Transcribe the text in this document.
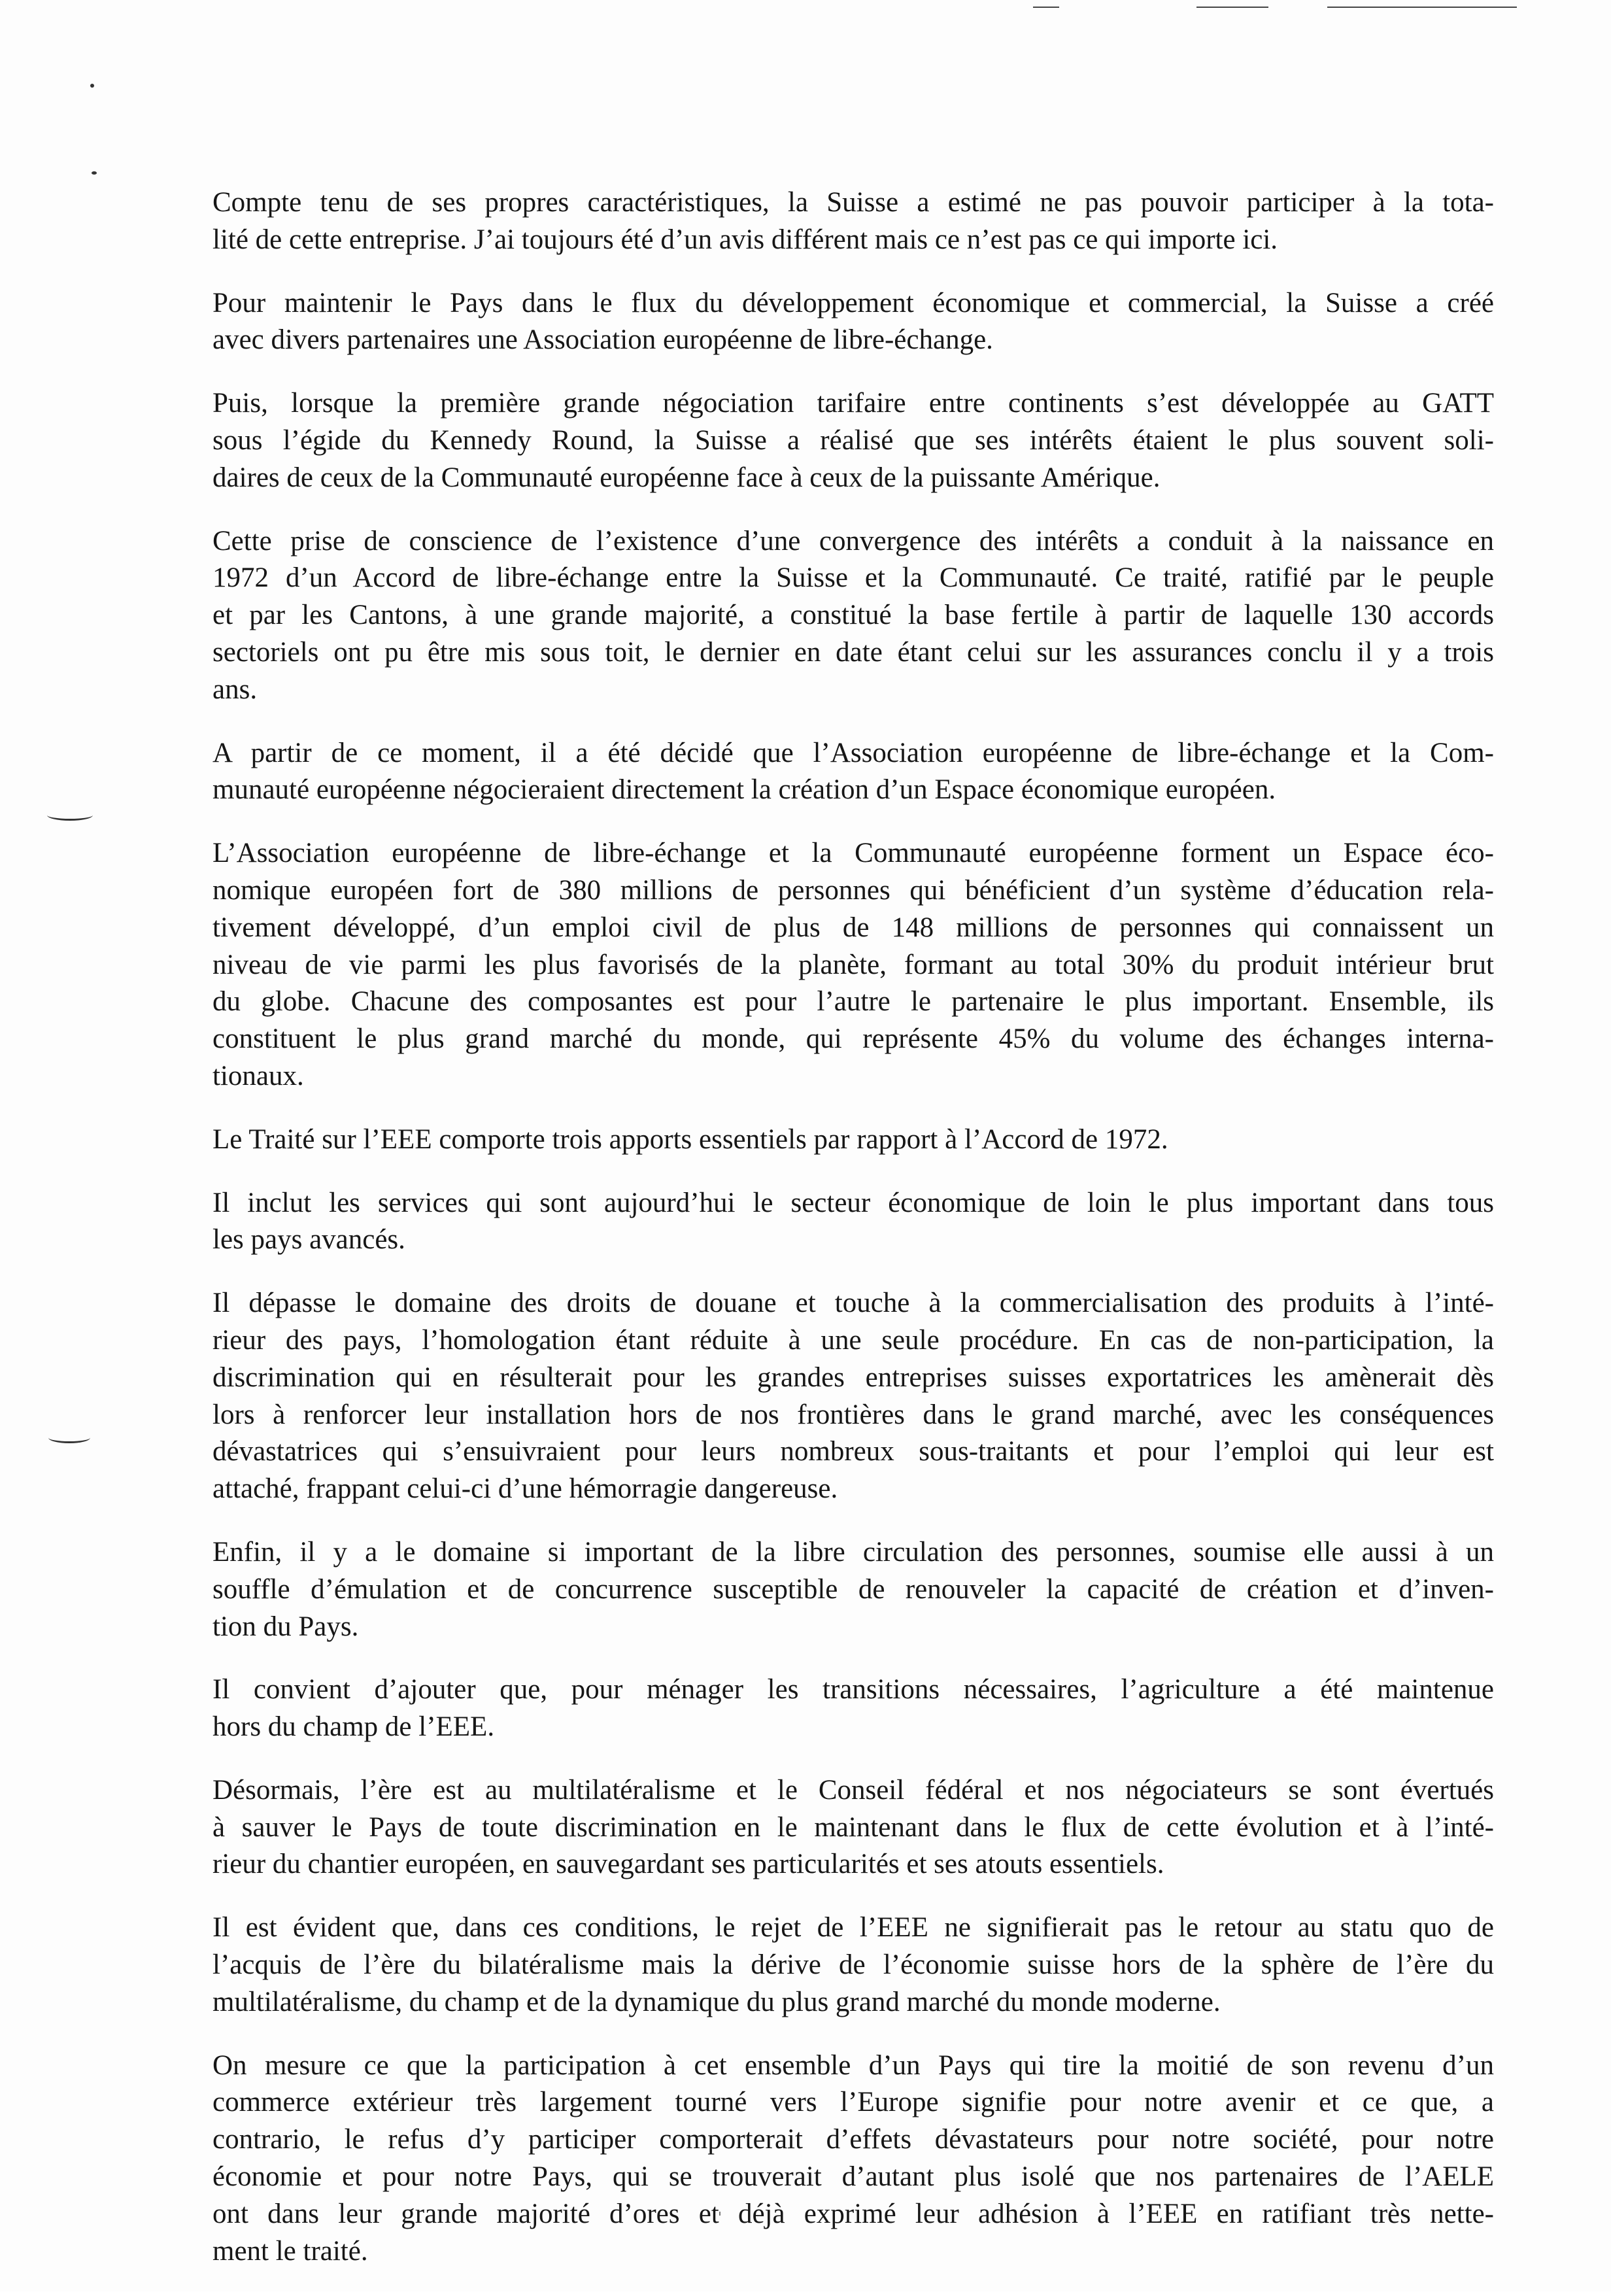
Compte tenu de ses propres caractéristiques, la Suisse a estimé ne pas pouvoir participer à la tota-
lité de cette entreprise. J’ai toujours été d’un avis différent mais ce n’est pas ce qui importe ici.

Pour maintenir le Pays dans le flux du développement économique et commercial, la Suisse a créé
avec divers partenaires une Association européenne de libre-échange.

Puis, lorsque la première grande négociation tarifaire entre continents s’est développée au GATT
sous l’égide du Kennedy Round, la Suisse a réalisé que ses intérêts étaient le plus souvent soli-
daires de ceux de la Communauté européenne face à ceux de la puissante Amérique.

Cette prise de conscience de l’existence d’une convergence des intérêts a conduit à la naissance en
1972 d’un Accord de libre-échange entre la Suisse et la Communauté. Ce traité, ratifié par le peuple
et par les Cantons, à une grande majorité, a constitué la base fertile à partir de laquelle 130 accords
sectoriels ont pu être mis sous toit, le dernier en date étant celui sur les assurances conclu il y a trois
ans.

A partir de ce moment, il a été décidé que l’Association européenne de libre-échange et la Com-
munauté européenne négocieraient directement la création d’un Espace économique européen.

L’Association européenne de libre-échange et la Communauté européenne forment un Espace éco-
nomique européen fort de 380 millions de personnes qui bénéficient d’un système d’éducation rela-
tivement développé, d’un emploi civil de plus de 148 millions de personnes qui connaissent un
niveau de vie parmi les plus favorisés de la planète, formant au total 30% du produit intérieur brut
du globe. Chacune des composantes est pour l’autre le partenaire le plus important. Ensemble, ils
constituent le plus grand marché du monde, qui représente 45% du volume des échanges interna-
tionaux.

Le Traité sur l’EEE comporte trois apports essentiels par rapport à l’Accord de 1972.

Il inclut les services qui sont aujourd’hui le secteur économique de loin le plus important dans tous
les pays avancés.

Il dépasse le domaine des droits de douane et touche à la commercialisation des produits à l’inté-
rieur des pays, l’homologation étant réduite à une seule procédure. En cas de non-participation, la
discrimination qui en résulterait pour les grandes entreprises suisses exportatrices les amènerait dès
lors à renforcer leur installation hors de nos frontières dans le grand marché, avec les conséquences
dévastatrices qui s’ensuivraient pour leurs nombreux sous-traitants et pour l’emploi qui leur est
attaché, frappant celui-ci d’une hémorragie dangereuse.

Enfin, il y a le domaine si important de la libre circulation des personnes, soumise elle aussi à un
souffle d’émulation et de concurrence susceptible de renouveler la capacité de création et d’inven-
tion du Pays.

Il convient d’ajouter que, pour ménager les transitions nécessaires, l’agriculture a été maintenue
hors du champ de l’EEE.

Désormais, l’ère est au multilatéralisme et le Conseil fédéral et nos négociateurs se sont évertués
à sauver le Pays de toute discrimination en le maintenant dans le flux de cette évolution et à l’inté-
rieur du chantier européen, en sauvegardant ses particularités et ses atouts essentiels.

Il est évident que, dans ces conditions, le rejet de l’EEE ne signifierait pas le retour au statu quo de
l’acquis de l’ère du bilatéralisme mais la dérive de l’économie suisse hors de la sphère de l’ère du
multilatéralisme, du champ et de la dynamique du plus grand marché du monde moderne.

On mesure ce que la participation à cet ensemble d’un Pays qui tire la moitié de son revenu d’un
commerce extérieur très largement tourné vers l’Europe signifie pour notre avenir et ce que, a
contrario, le refus d’y participer comporterait d’effets dévastateurs pour notre société, pour notre
économie et pour notre Pays, qui se trouverait d’autant plus isolé que nos partenaires de l’AELE
ont dans leur grande majorité d’ores et déjà exprimé leur adhésion à l’EEE en ratifiant très nette-
ment le traité.
